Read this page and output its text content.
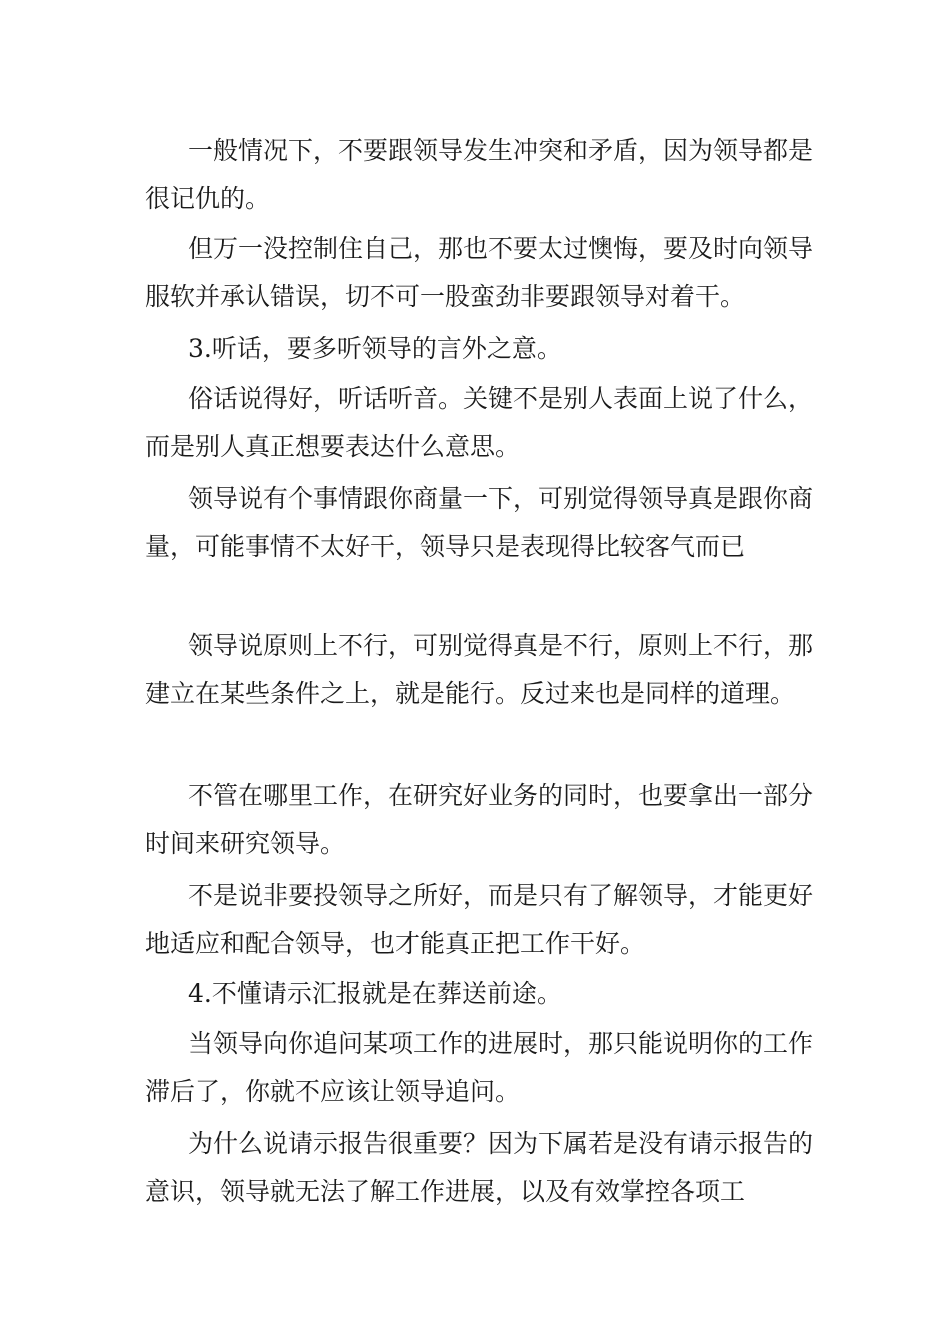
一般情况下，不要跟领导发生冲突和矛盾，因为领导都是很记仇的。

但万一没控制住自己，那也不要太过懊悔，要及时向领导服软并承认错误，切不可一股蛮劲非要跟领导对着干。

3.听话，要多听领导的言外之意。

俗话说得好，听话听音。关键不是别人表面上说了什么，而是别人真正想要表达什么意思。

领导说有个事情跟你商量一下，可别觉得领导真是跟你商量，可能事情不太好干，领导只是表现得比较客气而已

领导说原则上不行，可别觉得真是不行，原则上不行，那建立在某些条件之上，就是能行。反过来也是同样的道理。

不管在哪里工作，在研究好业务的同时，也要拿出一部分时间来研究领导。

不是说非要投领导之所好，而是只有了解领导，才能更好地适应和配合领导，也才能真正把工作干好。

4.不懂请示汇报就是在葬送前途。

当领导向你追问某项工作的进展时，那只能说明你的工作滞后了，你就不应该让领导追问。

为什么说请示报告很重要？因为下属若是没有请示报告的意识，领导就无法了解工作进展，以及有效掌控各项工
